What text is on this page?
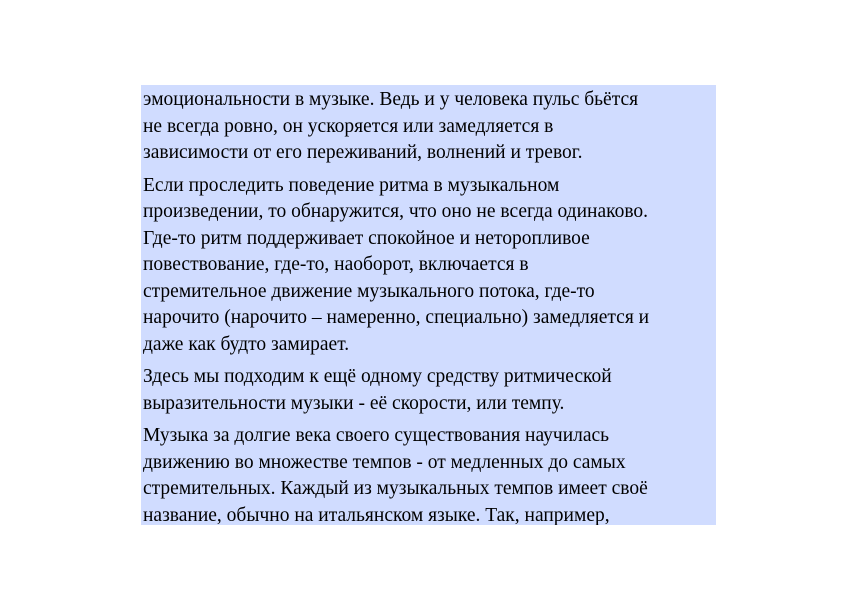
эмоциональности в музыке. Ведь и у человека пульс бьётся
не всегда ровно, он ускоряется или замедляется в
зависимости от его переживаний, волнений и тревог.

Если проследить поведение ритма в музыкальном
произведении, то обнаружится, что оно не всегда одинаково.
Где-то ритм поддерживает спокойное и неторопливое
повествование, где-то, наоборот, включается в
стремительное движение музыкального потока, где-то
нарочито (нарочито – намеренно, специально) замедляется и
даже как будто замирает.

Здесь мы подходим к ещё одному средству ритмической
выразительности музыки - её скорости, или темпу.

Музыка за долгие века своего существования научилась
движению во множестве темпов - от медленных до самых
стремительных. Каждый из музыкальных темпов имеет своё
название, обычно на итальянском языке. Так, например,
